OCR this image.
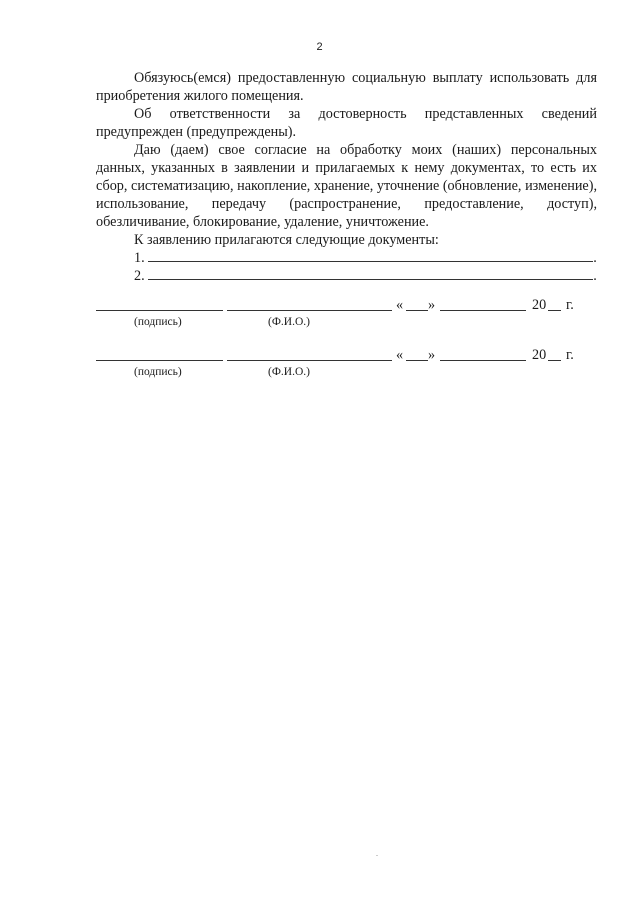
2

Обязуюсь(емся) предоставленную социальную выплату использовать для приобретения жилого помещения.

Об ответственности за достоверность представленных сведений предупрежден (предупреждены).

Даю (даем) свое согласие на обработку моих (наших) персональных данных, указанных в заявлении и прилагаемых к нему документах, то есть их сбор, систематизацию, накопление, хранение, уточнение (обновление, изменение), использование, передачу (распространение, предоставление, доступ), обезличивание, блокирование, удаление, уничтожение.

К заявлению прилагаются следующие документы:

1.	.
2.	.
« »	20 г.
(подпись)	(Ф.И.О.)
« »	20 г.
(подпись)	(Ф.И.О.)
